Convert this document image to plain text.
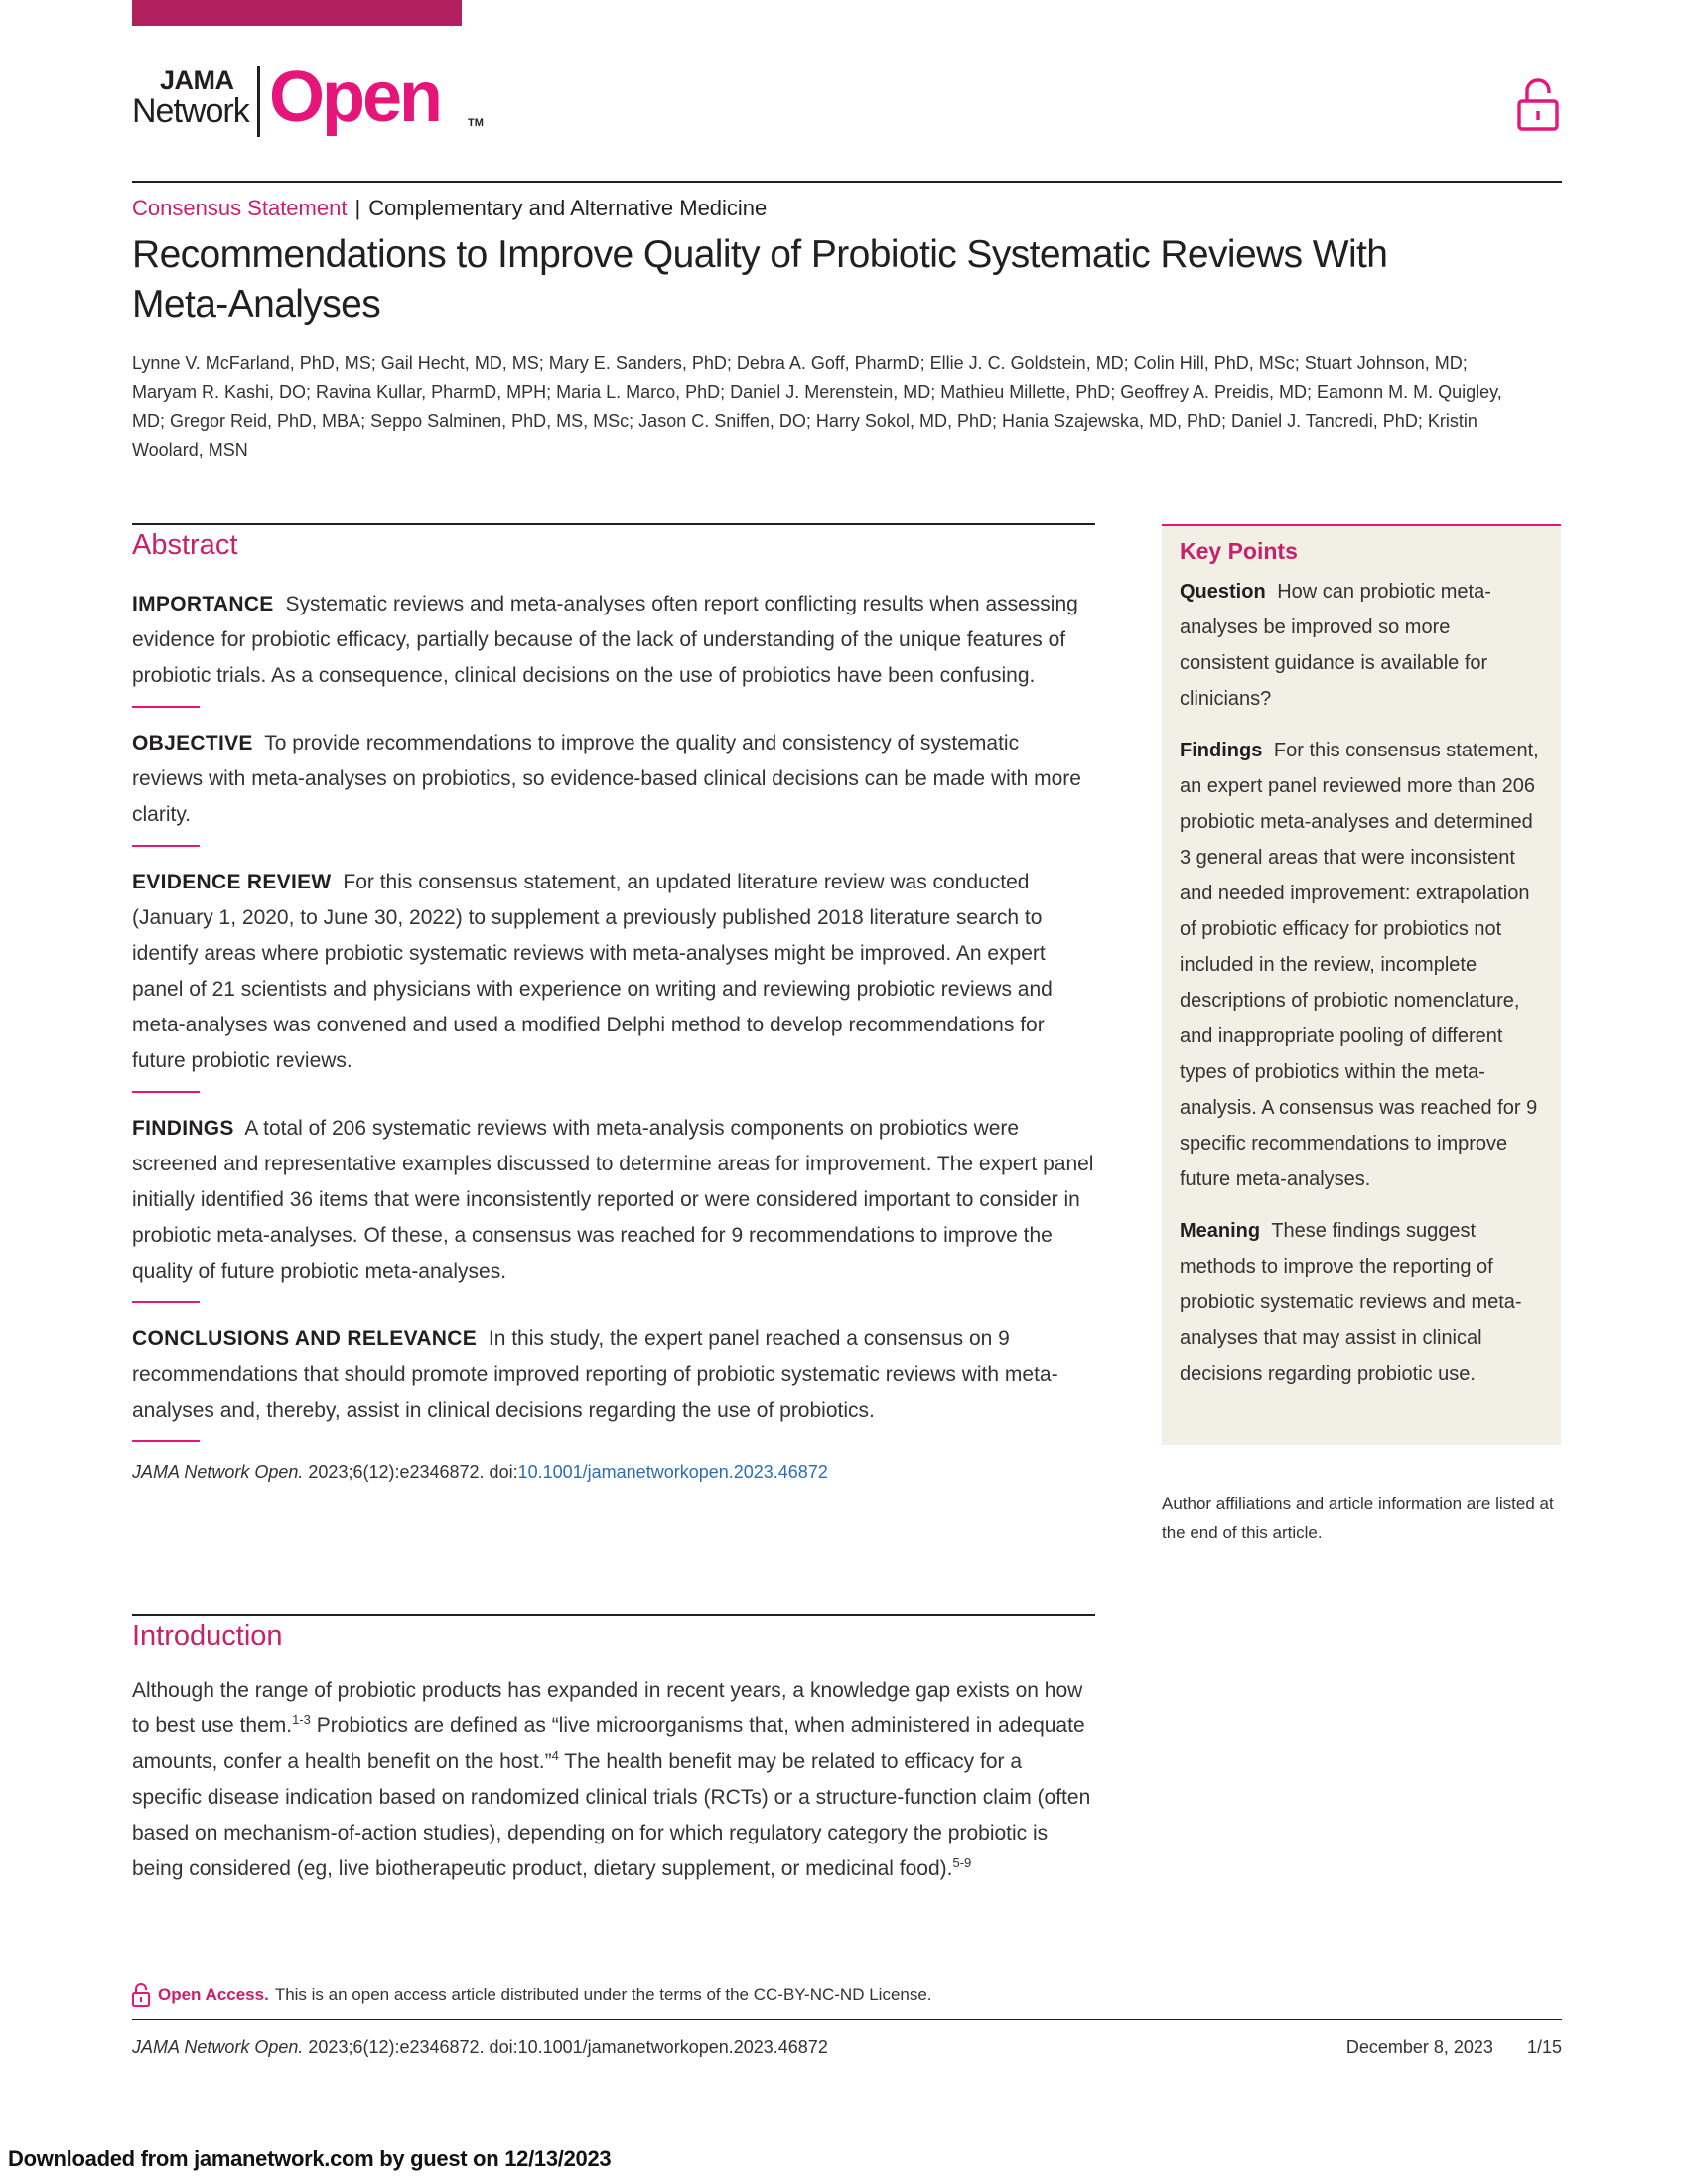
JAMA
Network Open	TM
Consensus Statement | Complementary and Alternative Medicine
Recommendations to Improve Quality of Probiotic Systematic Reviews With Meta-Analyses
Lynne V. McFarland, PhD, MS; Gail Hecht, MD, MS; Mary E. Sanders, PhD; Debra A. Goff, PharmD; Ellie J. C. Goldstein, MD; Colin Hill, PhD, MSc; Stuart Johnson, MD; Maryam R. Kashi, DO; Ravina Kullar, PharmD, MPH; Maria L. Marco, PhD; Daniel J. Merenstein, MD; Mathieu Millette, PhD; Geoffrey A. Preidis, MD; Eamonn M. M. Quigley, MD; Gregor Reid, PhD, MBA; Seppo Salminen, PhD, MS, MSc; Jason C. Sniffen, DO; Harry Sokol, MD, PhD; Hania Szajewska, MD, PhD; Daniel J. Tancredi, PhD; Kristin Woolard, MSN
Abstract

IMPORTANCE Systematic reviews and meta-analyses often report conflicting results when assessing evidence for probiotic efficacy, partially because of the lack of understanding of the unique features of probiotic trials. As a consequence, clinical decisions on the use of probiotics have been confusing.

OBJECTIVE To provide recommendations to improve the quality and consistency of systematic reviews with meta-analyses on probiotics, so evidence-based clinical decisions can be made with more clarity.

EVIDENCE REVIEW For this consensus statement, an updated literature review was conducted (January 1, 2020, to June 30, 2022) to supplement a previously published 2018 literature search to identify areas where probiotic systematic reviews with meta-analyses might be improved. An expert panel of 21 scientists and physicians with experience on writing and reviewing probiotic reviews and meta-analyses was convened and used a modified Delphi method to develop recommendations for future probiotic reviews.

FINDINGS A total of 206 systematic reviews with meta-analysis components on probiotics were screened and representative examples discussed to determine areas for improvement. The expert panel initially identified 36 items that were inconsistently reported or were considered important to consider in probiotic meta-analyses. Of these, a consensus was reached for 9 recommendations to improve the quality of future probiotic meta-analyses.

CONCLUSIONS AND RELEVANCE In this study, the expert panel reached a consensus on 9 recommendations that should promote improved reporting of probiotic systematic reviews with meta-analyses and, thereby, assist in clinical decisions regarding the use of probiotics.

JAMA Network Open. 2023;6(12):e2346872. doi:10.1001/jamanetworkopen.2023.46872
Key Points

Question How can probiotic meta-analyses be improved so more consistent guidance is available for clinicians?

Findings For this consensus statement, an expert panel reviewed more than 206 probiotic meta-analyses and determined 3 general areas that were inconsistent and needed improvement: extrapolation of probiotic efficacy for probiotics not included in the review, incomplete descriptions of probiotic nomenclature, and inappropriate pooling of different types of probiotics within the meta-analysis. A consensus was reached for 9 specific recommendations to improve future meta-analyses.

Meaning These findings suggest methods to improve the reporting of probiotic systematic reviews and meta-analyses that may assist in clinical decisions regarding probiotic use.

Author affiliations and article information are listed at the end of this article.
Introduction

Although the range of probiotic products has expanded in recent years, a knowledge gap exists on how to best use them.$^{1-3}$ Probiotics are defined as “live microorganisms that, when administered in adequate amounts, confer a health benefit on the host.”$^4$ The health benefit may be related to efficacy for a specific disease indication based on randomized clinical trials (RCTs) or a structure-function claim (often based on mechanism-of-action studies), depending on for which regulatory category the probiotic is being considered (eg, live biotherapeutic product, dietary supplement, or medicinal food).$^{5-9}$

Open Access. This is an open access article distributed under the terms of the CC-BY-NC-ND License.
JAMA Network Open. 2023;6(12):e2346872. doi:10.1001/jamanetworkopen.2023.46872	December 8, 2023 1/15
Downloaded from jamanetwork.com by guest on 12/13/2023
